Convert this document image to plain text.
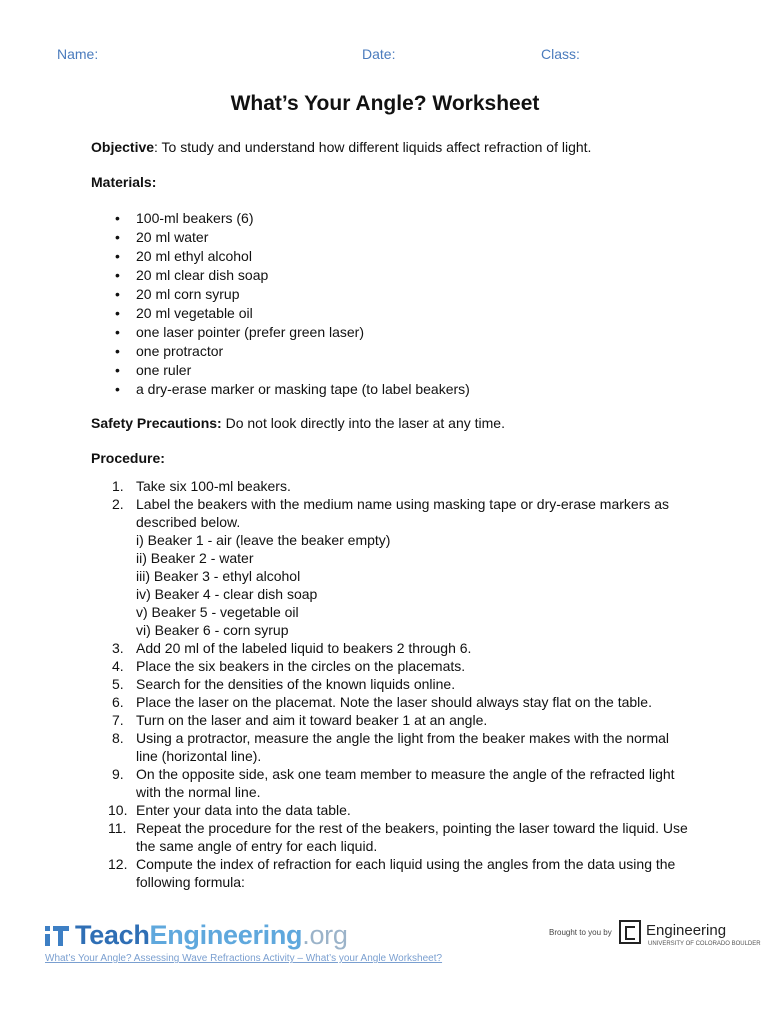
Name:	Date:	Class:
What’s Your Angle? Worksheet

Objective: To study and understand how different liquids affect refraction of light.

Materials:

• 100-ml beakers (6)
• 20 ml water
• 20 ml ethyl alcohol
• 20 ml clear dish soap
• 20 ml corn syrup
• 20 ml vegetable oil
• one laser pointer (prefer green laser)
• one protractor
• one ruler
• a dry-erase marker or masking tape (to label beakers)

Safety Precautions: Do not look directly into the laser at any time.

Procedure:

1. Take six 100-ml beakers.
2. Label the beakers with the medium name using masking tape or dry-erase markers as described below.
i) Beaker 1 - air (leave the beaker empty)
ii) Beaker 2 - water
iii) Beaker 3 - ethyl alcohol
iv) Beaker 4 - clear dish soap
v) Beaker 5 - vegetable oil
vi) Beaker 6 - corn syrup
3. Add 20 ml of the labeled liquid to beakers 2 through 6.
4. Place the six beakers in the circles on the placemats.
5. Search for the densities of the known liquids online.
6. Place the laser on the placemat. Note the laser should always stay flat on the table.
7. Turn on the laser and aim it toward beaker 1 at an angle.
8. Using a protractor, measure the angle the light from the beaker makes with the normal line (horizontal line).
9. On the opposite side, ask one team member to measure the angle of the refracted light with the normal line.
10. Enter your data into the data table.
11. Repeat the procedure for the rest of the beakers, pointing the laser toward the liquid. Use the same angle of entry for each liquid.
12. Compute the index of refraction for each liquid using the angles from the data using the following formula:
TeachEngineering.org	Brought to you by Engineering
UNIVERSITY OF COLORADO BOULDER
What’s Your Angle? Assessing Wave Refractions Activity – What’s your Angle Worksheet?
